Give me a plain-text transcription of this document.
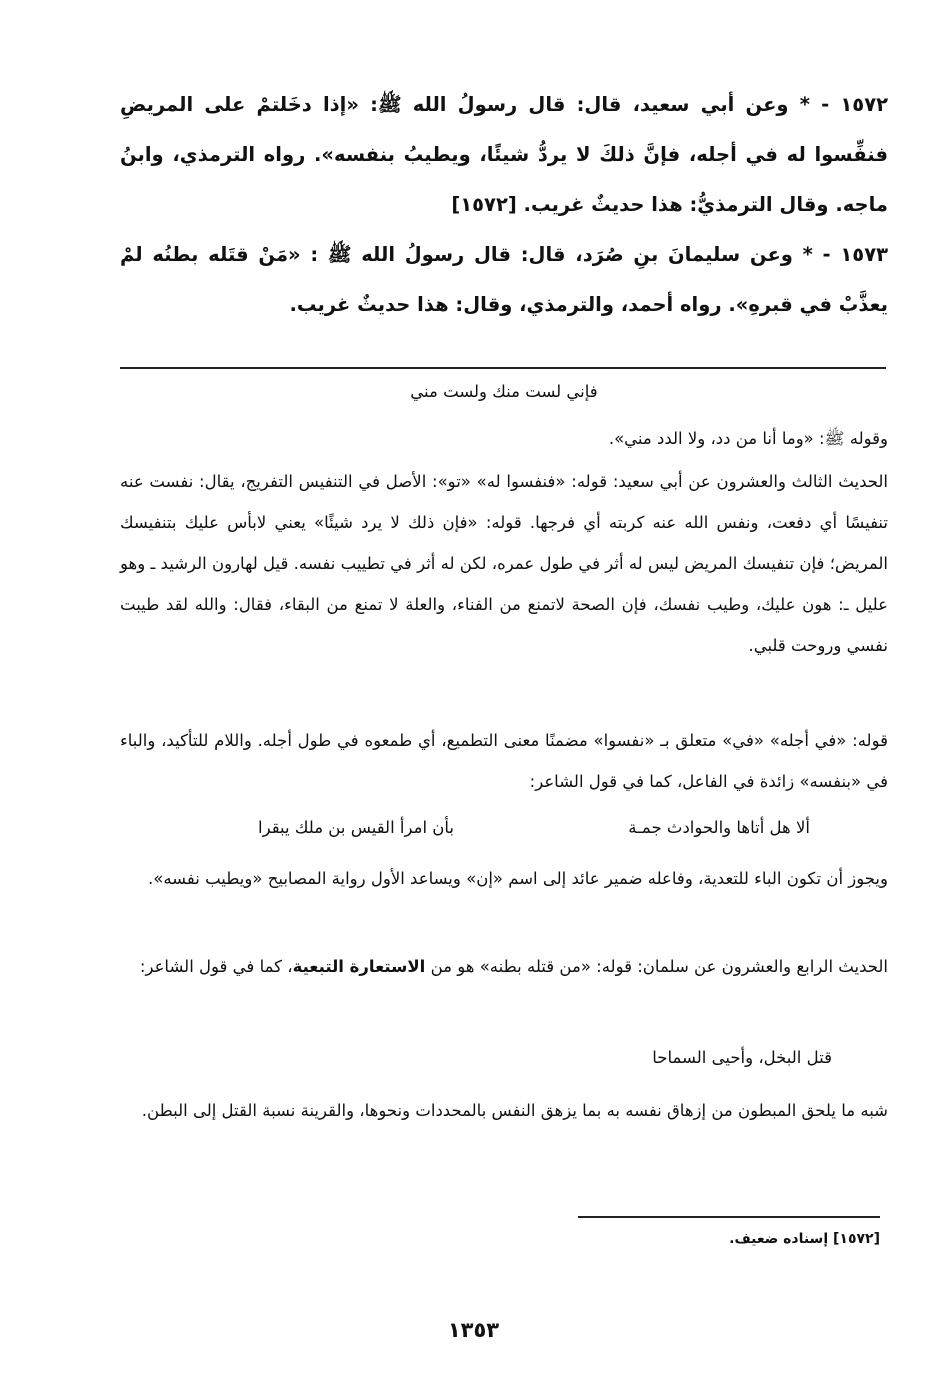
١٥٧٢ - * وعن أبي سعيد، قال: قال رسولُ الله ﷺ: «إذا دخَلتمْ على المريضِ فنفِّسوا له في أجله، فإنَّ ذلكَ لا يردُّ شيئًا، ويطيبُ بنفسه». رواه الترمذي، وابنُ ماجه. وقال الترمذيُّ: هذا حديثٌ غريب. [١٥٧٢]

١٥٧٣ - * وعن سليمانَ بنِ صُرَد، قال: قال رسولُ الله ﷺ : «مَنْ قتَله بطنُه لمْ يعذَّبْ في قبرهِ». رواه أحمد، والترمذي، وقال: هذا حديثٌ غريب.

فإني لست منك ولست مني

وقوله ﷺ: «وما أنا من دد، ولا الدد مني».

الحديث الثالث والعشرون عن أبي سعيد: قوله: «فنفسوا له» «تو»: الأصل في التنفيس التفريج، يقال: نفست عنه تنفيسًا أي دفعت، ونفس الله عنه كربته أي فرجها. قوله: «فإن ذلك لا يرد شيئًا» يعني لابأس عليك بتنفيسك المريض؛ فإن تنفيسك المريض ليس له أثر في طول عمره، لكن له أثر في تطييب نفسه. قيل لهارون الرشيد ـ وهو عليل ـ: هون عليك، وطيب نفسك، فإن الصحة لاتمنع من الفناء، والعلة لا تمنع من البقاء، فقال: والله لقد طيبت نفسي وروحت قلبي.

قوله: «في أجله» «في» متعلق بـ «نفسوا» مضمنًا معنى التطميع، أي طمعوه في طول أجله. واللام للتأكيد، والباء في «بنفسه» زائدة في الفاعل، كما في قول الشاعر:

ألا هل أتاها والحوادث جمـة
بأن امرأ القيس بن ملك يبقرا

ويجوز أن تكون الباء للتعدية، وفاعله ضمير عائد إلى اسم «إن» ويساعد الأول رواية المصابيح «ويطيب نفسه».

الحديث الرابع والعشرون عن سلمان: قوله: «من قتله بطنه» هو من الاستعارة التبعية، كما في قول الشاعر:

قتل البخل، وأحيى السماحا

شبه ما يلحق المبطون من إزهاق نفسه به بما يزهق النفس بالمحددات ونحوها، والقرينة نسبة القتل إلى البطن.

[١٥٧٢] إسناده ضعيف.

١٣٥٣
